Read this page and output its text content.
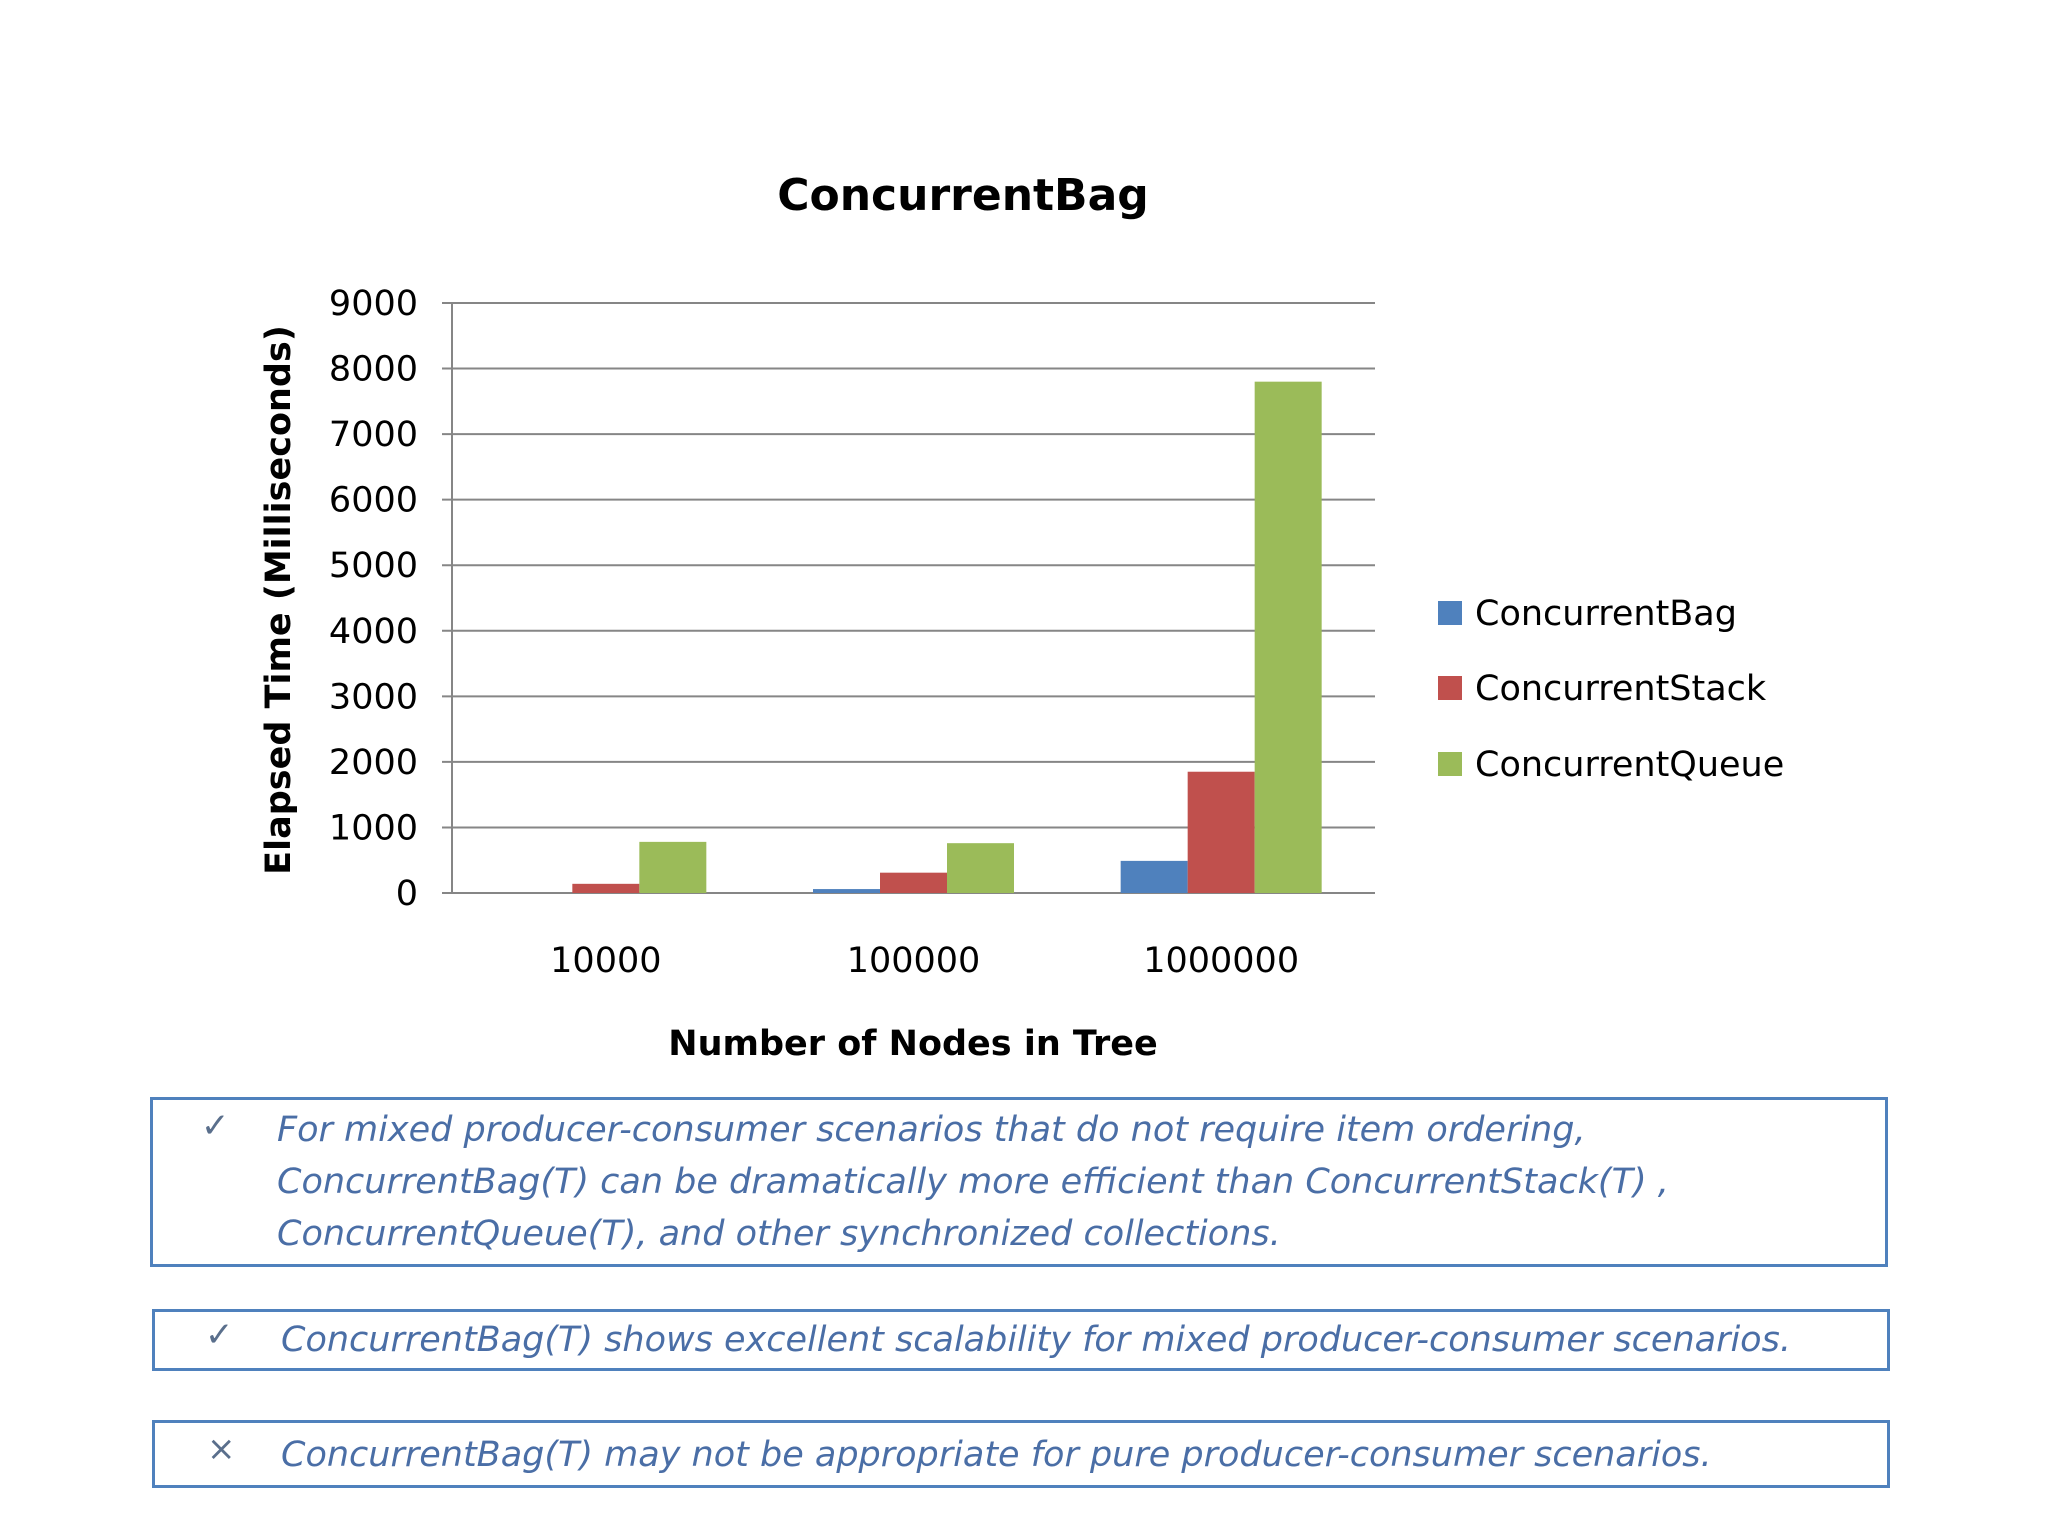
ConcurrentBag
0
1000
2000
3000
4000
5000
6000
7000
8000
9000
10000	100000	1000000
Elapsed Time (Milliseconds)
Number of Nodes in Tree
ConcurrentBag
ConcurrentStack
ConcurrentQueue
✓ For mixed producer-consumer scenarios that do not require item ordering, ConcurrentBag(T) can be dramatically more efficient than ConcurrentStack(T) , ConcurrentQueue(T), and other synchronized collections.
✓ ConcurrentBag(T) shows excellent scalability for mixed producer-consumer scenarios.
× ConcurrentBag(T) may not be appropriate for pure producer-consumer scenarios.
